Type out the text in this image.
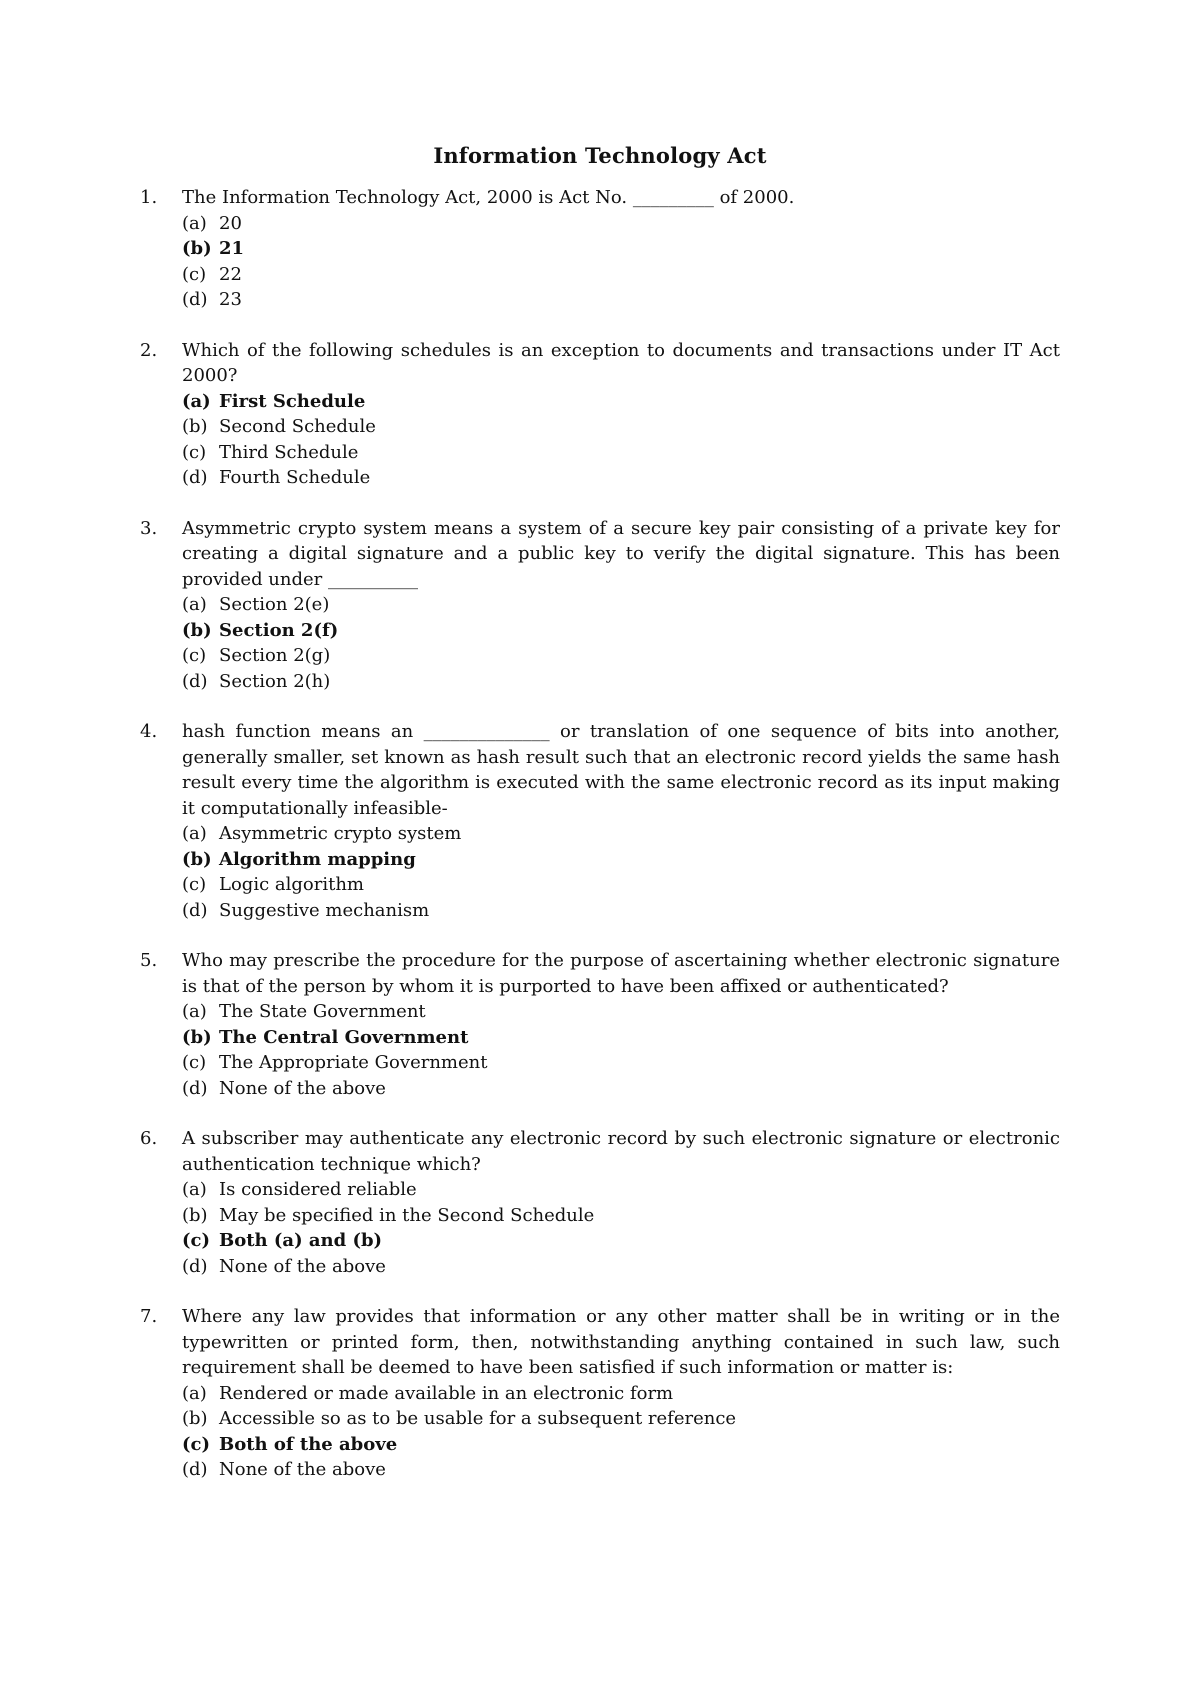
Information Technology Act
1.	The Information Technology Act, 2000 is Act No. _________ of 2000.

(a) 20
(b) 21
(c) 22
(d) 23
2.	Which of the following schedules is an exception to documents and transactions under IT Act 2000?

(a) First Schedule
(b) Second Schedule
(c) Third Schedule
(d) Fourth Schedule
3.	Asymmetric crypto system means a system of a secure key pair consisting of a private key for creating a digital signature and a public key to verify the digital signature. This has been provided under __________

(a) Section 2(e)
(b) Section 2(f)
(c) Section 2(g)
(d) Section 2(h)
4.	hash function means an ______________ or translation of one sequence of bits into another, generally smaller, set known as hash result such that an electronic record yields the same hash result every time the algorithm is executed with the same electronic record as its input making it computationally infeasible-

(a) Asymmetric crypto system
(b) Algorithm mapping
(c) Logic algorithm
(d) Suggestive mechanism
5.	Who may prescribe the procedure for the purpose of ascertaining whether electronic signature is that of the person by whom it is purported to have been affixed or authenticated?

(a) The State Government
(b) The Central Government
(c) The Appropriate Government
(d) None of the above
6.	A subscriber may authenticate any electronic record by such electronic signature or electronic authentication technique which?

(a) Is considered reliable
(b) May be specified in the Second Schedule
(c) Both (a) and (b)
(d) None of the above
7.	Where any law provides that information or any other matter shall be in writing or in the typewritten or printed form, then, notwithstanding anything contained in such law, such requirement shall be deemed to have been satisfied if such information or matter is:

(a) Rendered or made available in an electronic form
(b) Accessible so as to be usable for a subsequent reference
(c) Both of the above
(d) None of the above
